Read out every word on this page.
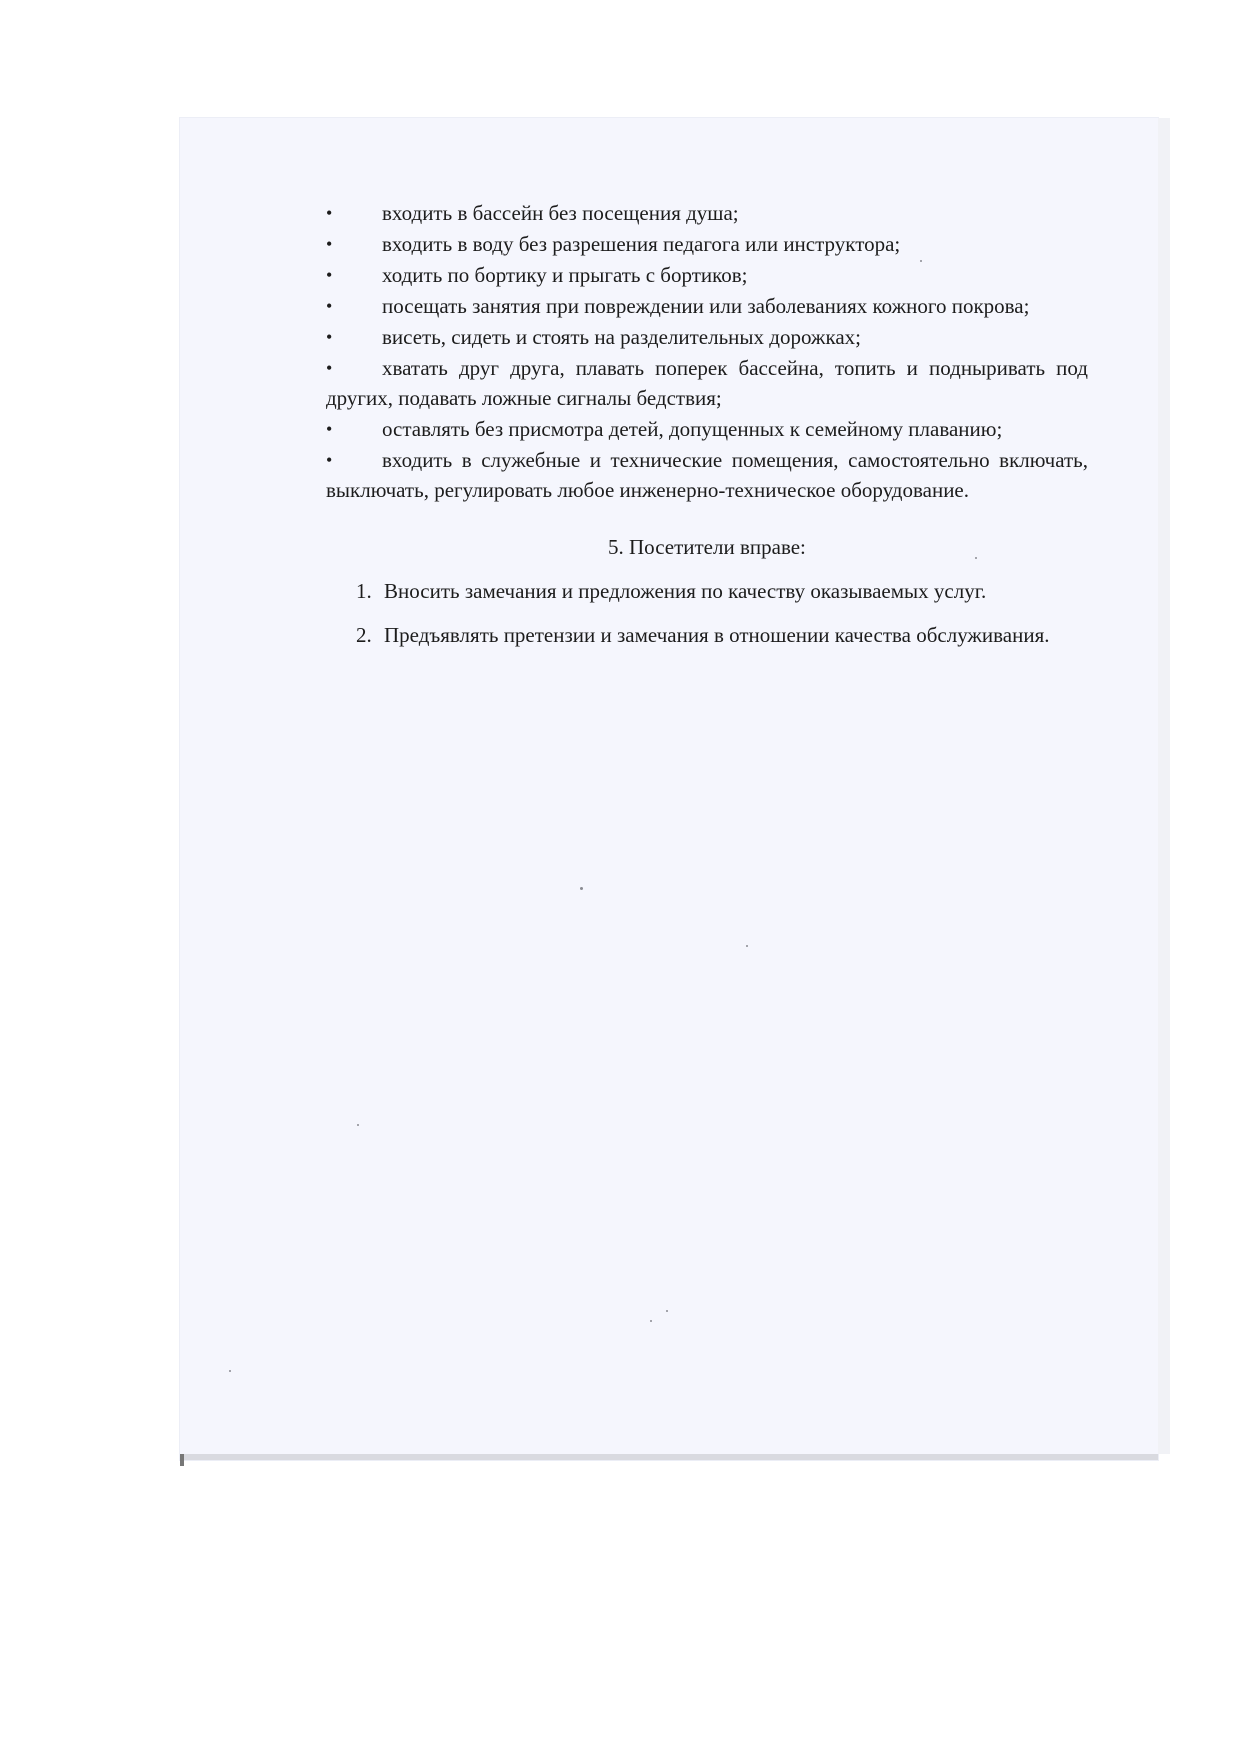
• входить в бассейн без посещения душа;
• входить в воду без разрешения педагога или инструктора;
• ходить по бортику и прыгать с бортиков;
• посещать занятия при повреждении или заболеваниях кожного покрова;
• висеть, сидеть и стоять на разделительных дорожках;
• хватать друг друга, плавать поперек бассейна, топить и подныривать под других, подавать ложные сигналы бедствия;
• оставлять без присмотра детей, допущенных к семейному плаванию;
• входить в служебные и технические помещения, самостоятельно включать, выключать, регулировать любое инженерно-техническое оборудование.
5. Посетители вправе:
1. Вносить замечания и предложения по качеству оказываемых услуг.
2. Предъявлять претензии и замечания в отношении качества обслуживания.
